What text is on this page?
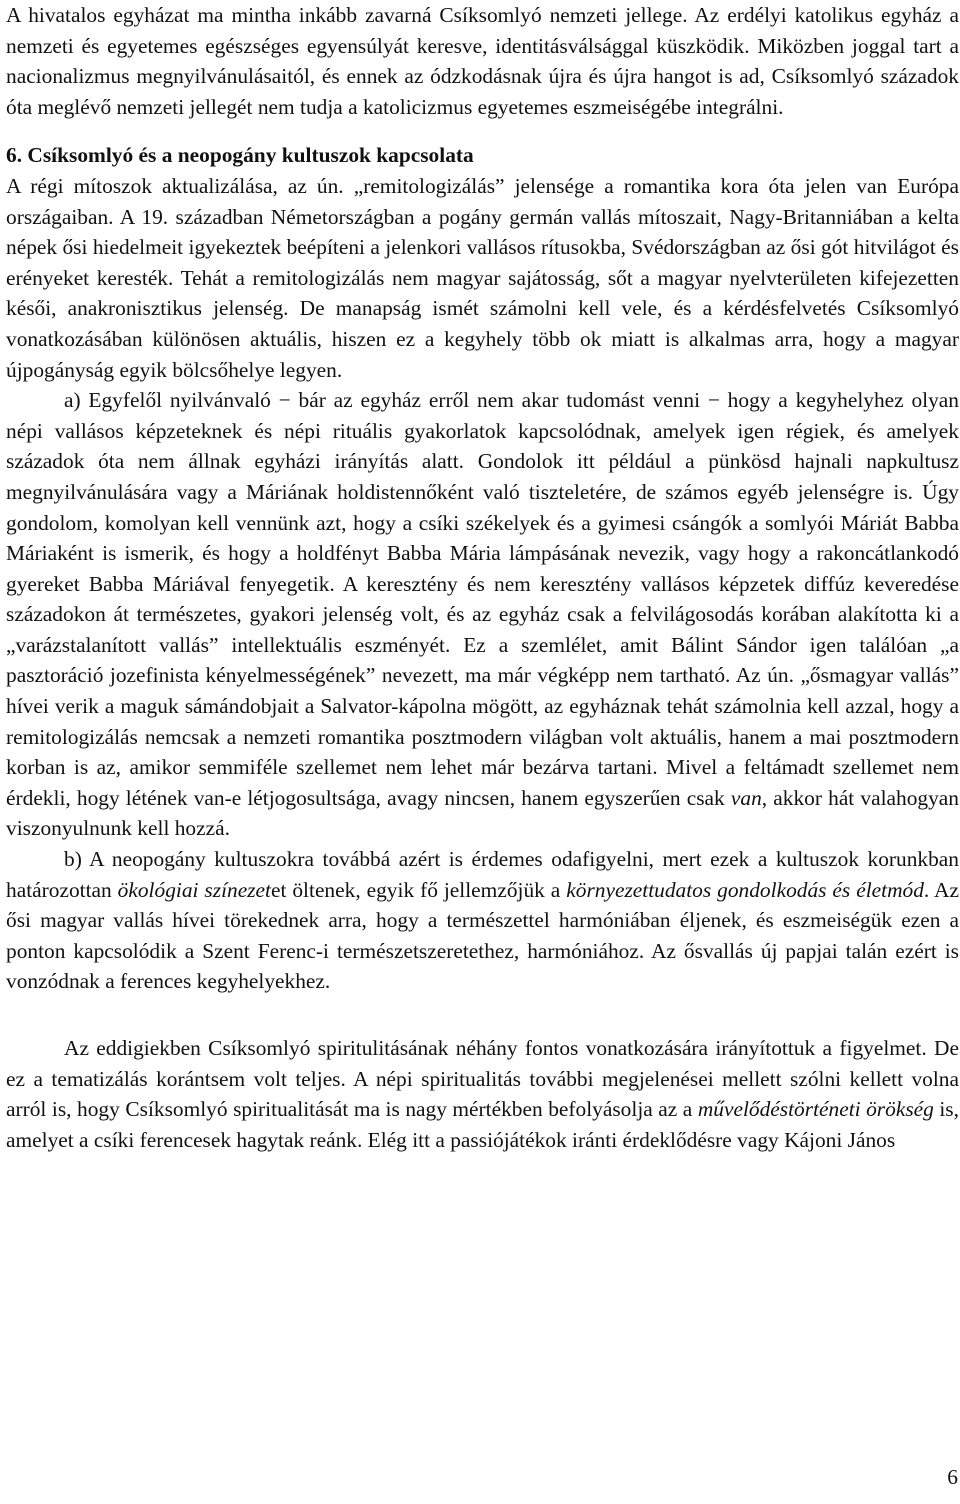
A hivatalos egyházat ma mintha inkább zavarná Csíksomlyó nemzeti jellege. Az erdélyi katolikus egyház a nemzeti és egyetemes egészséges egyensúlyát keresve, identitásválsággal küszködik. Miközben joggal tart a nacionalizmus megnyilvánulásaitól, és ennek az ódzkodásnak újra és újra hangot is ad, Csíksomlyó századok óta meglévő nemzeti jellegét nem tudja a katolicizmus egyetemes eszmeiségébe integrálni.

6. Csíksomlyó és a neopogány kultuszok kapcsolata

A régi mítoszok aktualizálása, az ún. „remitologizálás” jelensége a romantika kora óta jelen van Európa országaiban. A 19. században Németországban a pogány germán vallás mítoszait, Nagy-Britanniában a kelta népek ősi hiedelmeit igyekeztek beépíteni a jelenkori vallásos rítusokba, Svédországban az ősi gót hitvilágot és erényeket keresték. Tehát a remitologizálás nem magyar sajátosság, sőt a magyar nyelvterületen kifejezetten késői, anakronisztikus jelenség. De manapság ismét számolni kell vele, és a kérdésfelvetés Csíksomlyó vonatkozásában különösen aktuális, hiszen ez a kegyhely több ok miatt is alkalmas arra, hogy a magyar újpogányság egyik bölcsőhelye legyen.

a) Egyfelől nyilvánvaló − bár az egyház erről nem akar tudomást venni − hogy a kegyhelyhez olyan népi vallásos képzeteknek és népi rituális gyakorlatok kapcsolódnak, amelyek igen régiek, és amelyek századok óta nem állnak egyházi irányítás alatt. Gondolok itt például a pünkösd hajnali napkultusz megnyilvánulására vagy a Máriának holdistennőként való tiszteletére, de számos egyéb jelenségre is. Úgy gondolom, komolyan kell vennünk azt, hogy a csíki székelyek és a gyimesi csángók a somlyói Máriát Babba Máriaként is ismerik, és hogy a holdfényt Babba Mária lámpásának nevezik, vagy hogy a rakoncátlankodó gyereket Babba Máriával fenyegetik. A keresztény és nem keresztény vallásos képzetek diffúz keveredése századokon át természetes, gyakori jelenség volt, és az egyház csak a felvilágosodás korában alakította ki a „varázstalanított vallás” intellektuális eszményét. Ez a szemlélet, amit Bálint Sándor igen találóan „a pasztoráció jozefinista kényelmességének” nevezett, ma már végképp nem tartható. Az ún. „ősmagyar vallás” hívei verik a maguk sámándobjait a Salvator-kápolna mögött, az egyháznak tehát számolnia kell azzal, hogy a remitologizálás nemcsak a nemzeti romantika posztmodern világban volt aktuális, hanem a mai posztmodern korban is az, amikor semmiféle szellemet nem lehet már bezárva tartani. Mivel a feltámadt szellemet nem érdekli, hogy létének van-e létjogosultsága, avagy nincsen, hanem egyszerűen csak van, akkor hát valahogyan viszonyulnunk kell hozzá.

b) A neopogány kultuszokra továbbá azért is érdemes odafigyelni, mert ezek a kultuszok korunkban határozottan ökológiai színezetet öltenek, egyik fő jellemzőjük a környezettudatos gondolkodás és életmód. Az ősi magyar vallás hívei törekednek arra, hogy a természettel harmóniában éljenek, és eszmeiségük ezen a ponton kapcsolódik a Szent Ferenc-i természetszeretethez, harmóniához. Az ősvallás új papjai talán ezért is vonzódnak a ferences kegyhelyekhez.

Az eddigiekben Csíksomlyó spiritulitásának néhány fontos vonatkozására irányítottuk a figyelmet. De ez a tematizálás korántsem volt teljes. A népi spiritualitás további megjelenései mellett szólni kellett volna arról is, hogy Csíksomlyó spiritualitását ma is nagy mértékben befolyásolja az a művelődéstörténeti örökség is, amelyet a csíki ferencesek hagytak reánk. Elég itt a passiójátékok iránti érdeklődésre vagy Kájoni János

6
